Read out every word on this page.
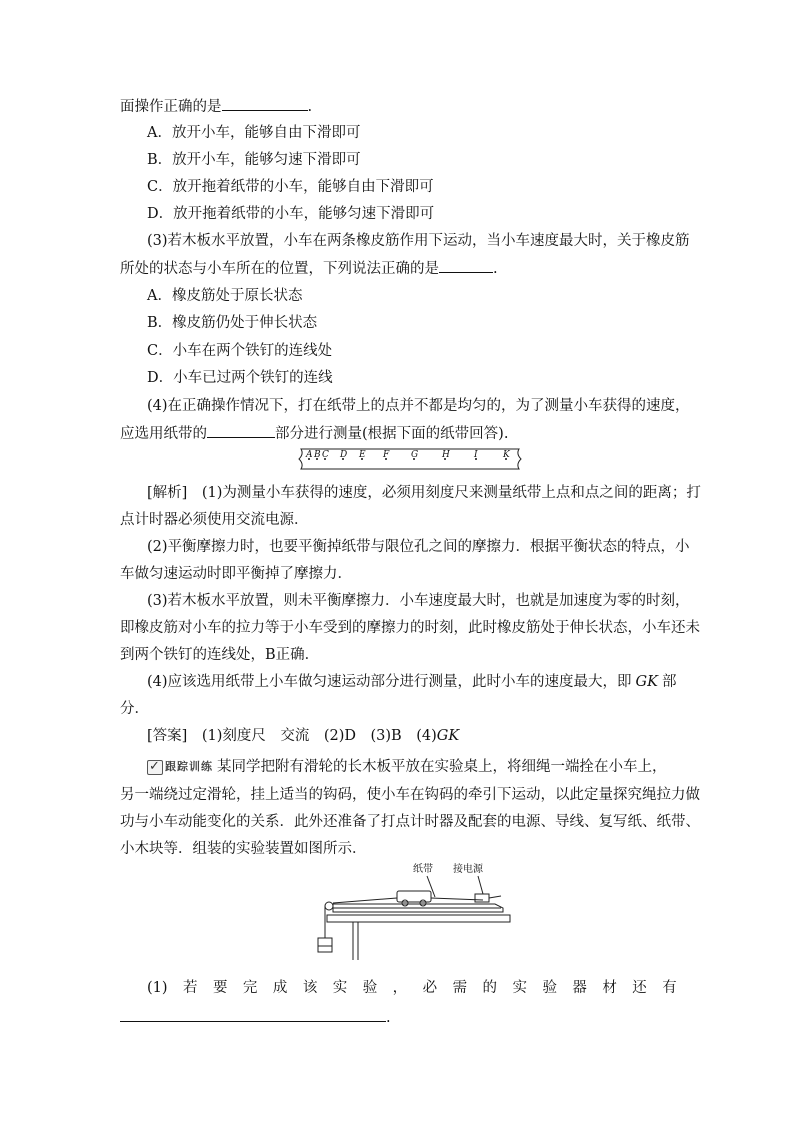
面操作正确的是	.
A．放开小车，能够自由下滑即可
B．放开小车，能够匀速下滑即可
C．放开拖着纸带的小车，能够自由下滑即可
D．放开拖着纸带的小车，能够匀速下滑即可
(3)若木板水平放置，小车在两条橡皮筋作用下运动，当小车速度最大时，关于橡皮筋
所处的状态与小车所在的位置，下列说法正确的是	.
A．橡皮筋处于原长状态
B．橡皮筋仍处于伸长状态
C．小车在两个铁钉的连线处
D．小车已过两个铁钉的连线
(4)在正确操作情况下，打在纸带上的点并不都是均匀的，为了测量小车获得的速度，
应选用纸带的	部分进行测量(根据下面的纸带回答).
A B C D E F G	H	I	K
[解析]　(1)为测量小车获得的速度，必须用刻度尺来测量纸带上点和点之间的距离；打
点计时器必须使用交流电源．
(2)平衡摩擦力时，也要平衡掉纸带与限位孔之间的摩擦力．根据平衡状态的特点，小
车做匀速运动时即平衡掉了摩擦力．
(3)若木板水平放置，则未平衡摩擦力．小车速度最大时，也就是加速度为零的时刻，
即橡皮筋对小车的拉力等于小车受到的摩擦力的时刻，此时橡皮筋处于伸长状态，小车还未
到两个铁钉的连线处，B正确．
(4)应该选用纸带上小车做匀速运动部分进行测量，此时小车的速度最大，即 GK 部
分．
[答案]　(1)刻度尺　交流　(2)D　(3)B　(4)GK
✓
跟踪训练 某同学把附有滑轮的长木板平放在实验桌上，将细绳一端拴在小车上，
另一端绕过定滑轮，挂上适当的钩码，使小车在钩码的牵引下运动，以此定量探究绳拉力做
功与小车动能变化的关系．此外还准备了打点计时器及配套的电源、导线、复写纸、纸带、
小木块等．组装的实验装置如图所示．
纸带 接电源
(1) 若 要 完 成 该 实 验 ， 必 需 的 实 验 器 材 还 有
.
